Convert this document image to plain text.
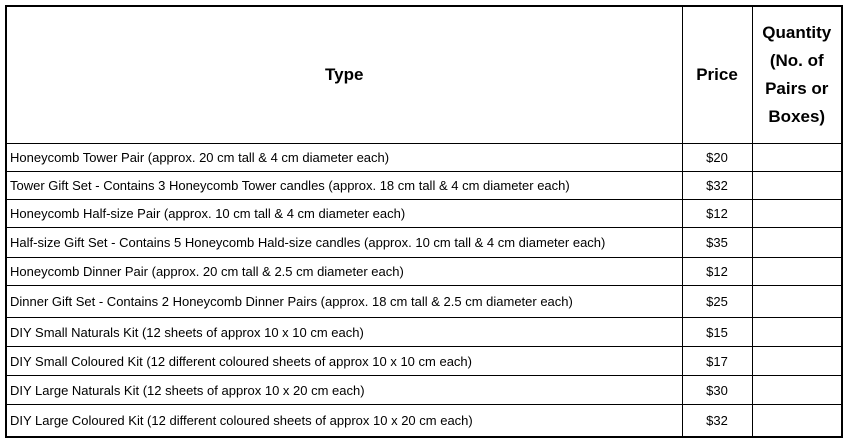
Type	Price	Quantity (No. of Pairs or Boxes)
Honeycomb Tower Pair (approx. 20 cm tall & 4 cm diameter each)	$20	
Tower Gift Set - Contains 3 Honeycomb Tower candles (approx. 18 cm tall & 4 cm diameter each)	$32	
Honeycomb Half-size Pair (approx. 10 cm tall & 4 cm diameter each)	$12	
Half-size Gift Set - Contains 5 Honeycomb Hald-size candles (approx. 10 cm tall & 4 cm diameter each)	$35	
Honeycomb Dinner Pair (approx. 20 cm tall & 2.5 cm diameter each)	$12	
Dinner Gift Set - Contains 2 Honeycomb Dinner Pairs (approx. 18 cm tall & 2.5 cm diameter each)	$25	
DIY Small Naturals Kit (12 sheets of approx 10 x 10 cm each)	$15	
DIY Small Coloured Kit (12 different coloured sheets of approx 10 x 10 cm each)	$17	
DIY Large Naturals Kit (12 sheets of approx 10 x 20 cm each)	$30	
DIY Large Coloured Kit (12 different coloured sheets of approx 10 x 20 cm each)	$32	
